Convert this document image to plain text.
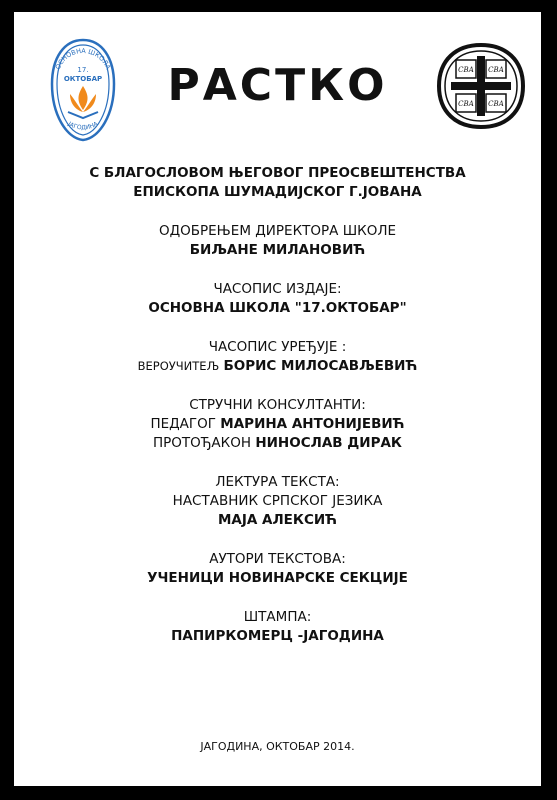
ОСНОВНА ШКОЛА
17.
ОКТОБАР
ЈАГОДИНА
РАСТКО	СВА СВА
СВА СВА
С БЛАГОСЛОВОМ ЊЕГОВОГ ПРЕОСВЕШТЕНСТВА
ЕПИСКОПА ШУМАДИЈСКОГ Г.ЈОВАНА
ОДОБРЕЊЕМ ДИРЕКТОРА ШКОЛЕ
БИЉАНЕ МИЛАНОВИЋ
ЧАСОПИС ИЗДАЈЕ:
ОСНОВНА ШКОЛА "17.ОКТОБАР"
ЧАСОПИС УРЕЂУЈЕ :
ВЕРОУЧИТЕЉ БОРИС МИЛОСАВЉЕВИЋ
СТРУЧНИ КОНСУЛТАНТИ:
ПЕДАГОГ МАРИНА АНТОНИЈЕВИЋ
ПРОТОЂАКОН НИНОСЛАВ ДИРАК
ЛЕКТУРА ТЕКСТА:
НАСТАВНИК СРПСКОГ ЈЕЗИКА
МАЈА АЛЕКСИЋ
АУТОРИ ТЕКСТОВА:
УЧЕНИЦИ НОВИНАРСКЕ СЕКЦИЈЕ
ШТАМПА:
ПАПИРКОМЕРЦ -ЈАГОДИНА
ЈАГОДИНА, ОКТОБАР 2014.
